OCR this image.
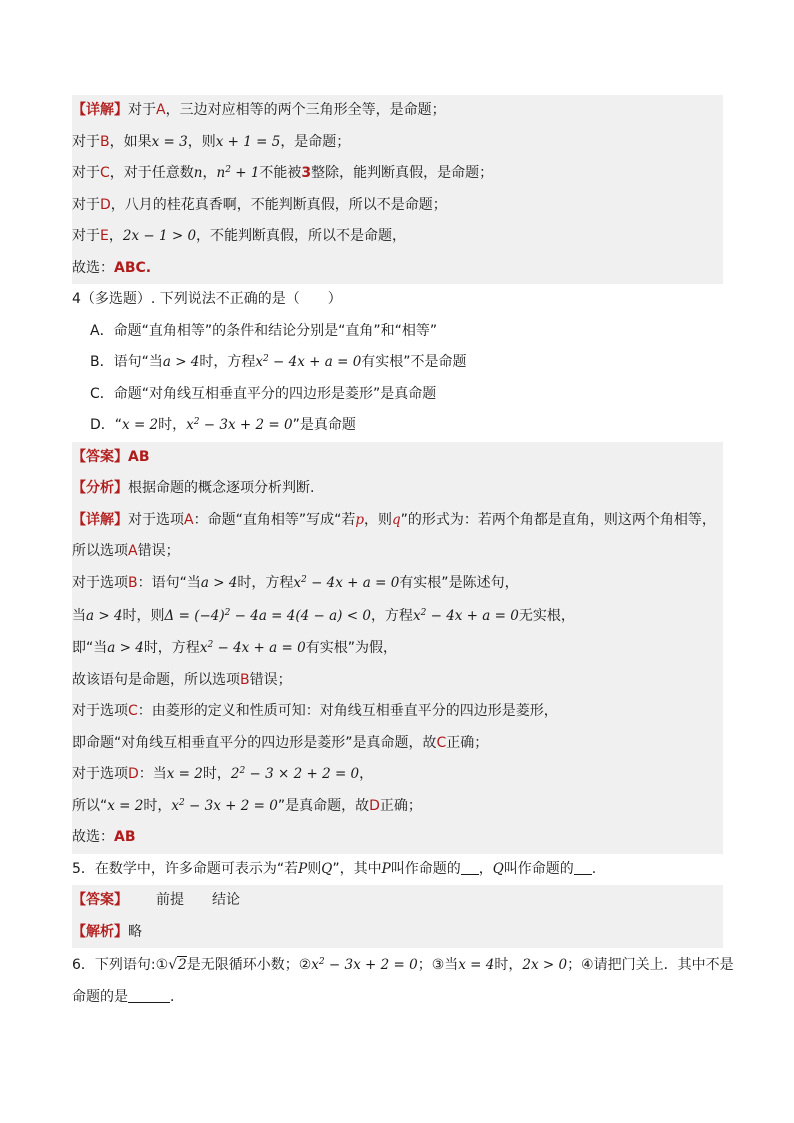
【详解】对于A，三边对应相等的两个三角形全等，是命题；
对于B，如果x = 3，则x + 1 = 5，是命题；
对于C，对于任意数n，$n^2 + 1$不能被3整除，能判断真假，是命题；
对于D，八月的桂花真香啊，不能判断真假，所以不是命题；
对于E，2x − 1 > 0，不能判断真假，所以不是命题，
故选：ABC.
4（多选题）. 下列说法不正确的是（　　）
A．命题“直角相等”的条件和结论分别是“直角”和“相等”
B．语句“当a > 4时，方程$x^2 - 4x + a = 0$有实根”不是命题
C．命题“对角线互相垂直平分的四边形是菱形”是真命题
D．“x = 2时，$x^2 - 3x + 2 = 0$”是真命题
【答案】AB
【分析】根据命题的概念逐项分析判断.
【详解】对于选项A：命题“直角相等”写成“若p，则q”的形式为：若两个角都是直角，则这两个角相等，
所以选项A错误；
对于选项B：语句“当a > 4时，方程$x^2 - 4x + a = 0$有实根”是陈述句，
当a > 4时，则$\Delta = (-4)^2 - 4a = 4(4 - a) < 0$，方程$x^2 - 4x + a = 0$无实根，
即“当a > 4时，方程$x^2 - 4x + a = 0$有实根”为假，
故该语句是命题，所以选项B错误；
对于选项C：由菱形的定义和性质可知：对角线互相垂直平分的四边形是菱形，
即命题“对角线互相垂直平分的四边形是菱形”是真命题，故C正确；
对于选项D：当x = 2时，$2^2 - 3 \times 2 + 2 = 0$，
所以“x = 2时，$x^2 - 3x + 2 = 0$”是真命题，故D正确；
故选：AB
5．在数学中，许多命题可表示为“若P则Q”，其中P叫作命题的 ，Q叫作命题的 .
【答案】 前提 结论
【解析】略
6．下列语句:①√2是无限循环小数；$②x^2 - 3x + 2 = 0$；③当x = 4时，2x > 0；④请把门关上．其中不是
命题的是	．
